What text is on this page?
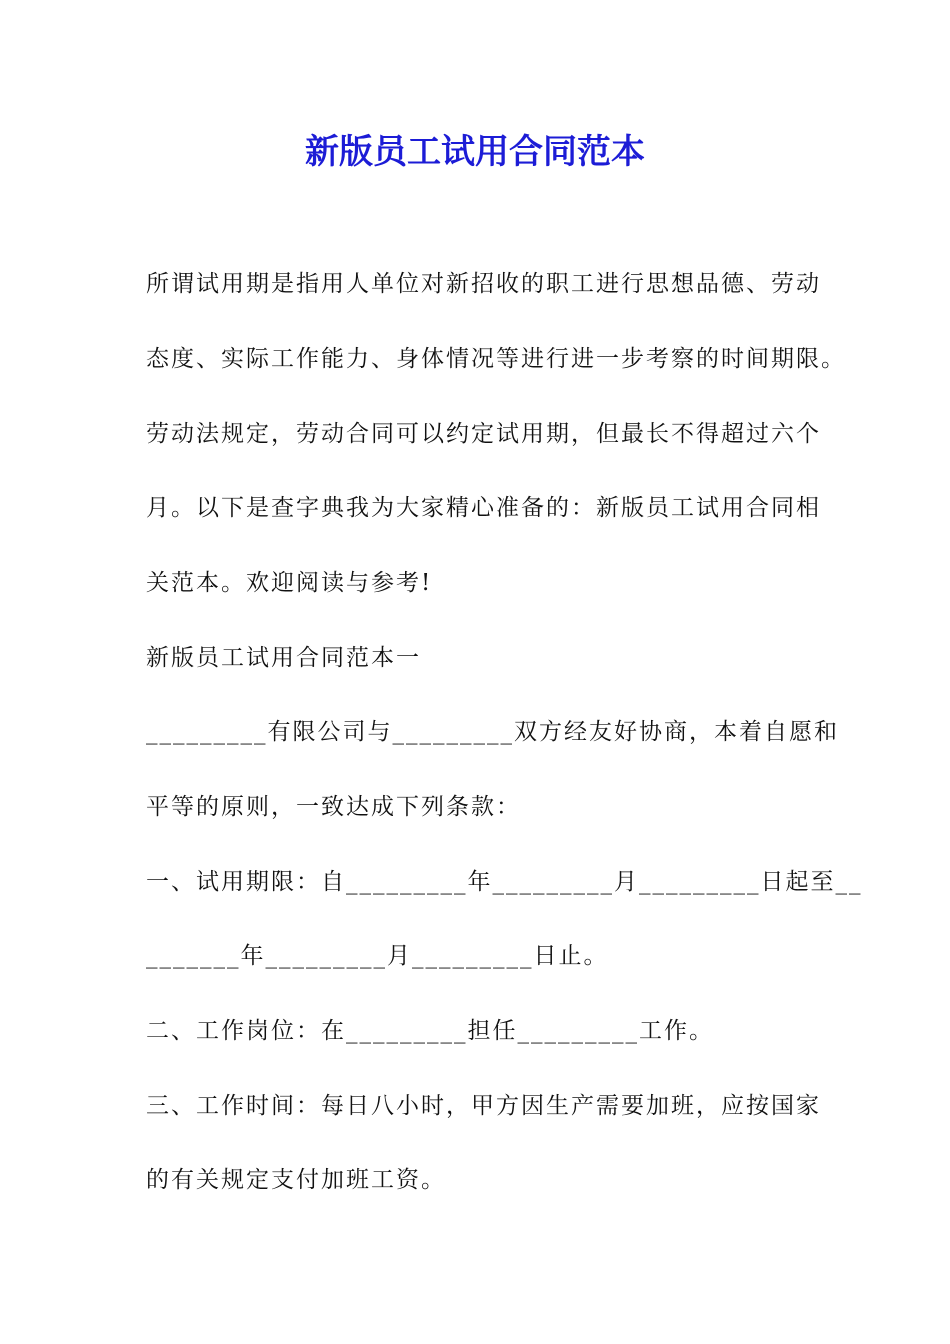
新版员工试用合同范本
所谓试用期是指用人单位对新招收的职工进行思想品德、劳动
态度、实际工作能力、身体情况等进行进一步考察的时间期限。
劳动法规定，劳动合同可以约定试用期，但最长不得超过六个
月。以下是查字典我为大家精心准备的：新版员工试用合同相
关范本。欢迎阅读与参考!
新版员工试用合同范本一
_________有限公司与_________双方经友好协商，本着自愿和
平等的原则，一致达成下列条款：
一、试用期限：自_________年_________月_________日起至__
_______年_________月_________日止。
二、工作岗位：在_________担任_________工作。
三、工作时间：每日八小时，甲方因生产需要加班，应按国家
的有关规定支付加班工资。
